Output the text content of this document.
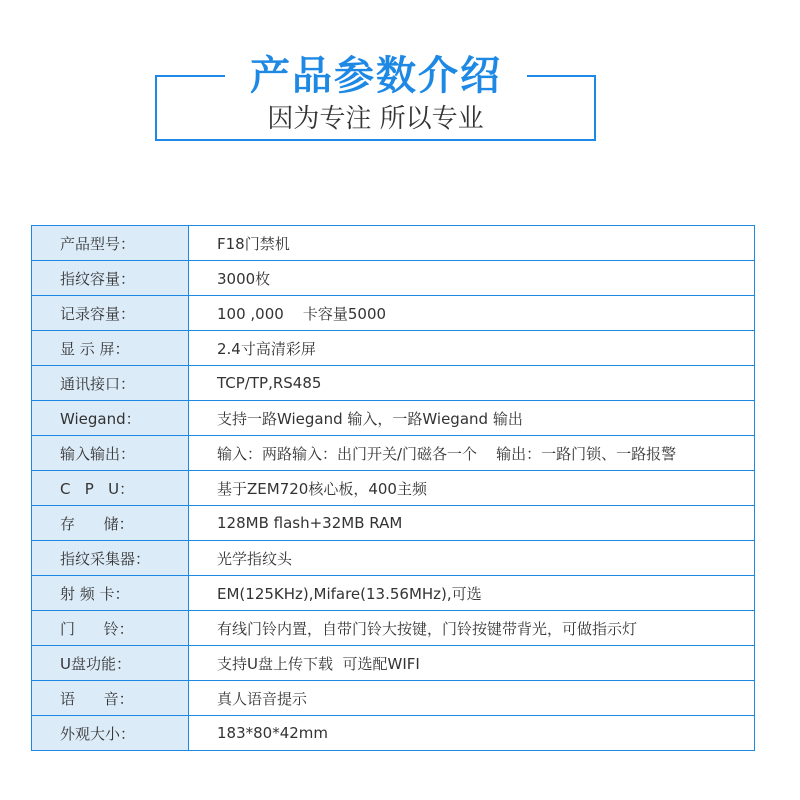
产品参数介绍
因为专注 所以专业
产品型号：	F18门禁机
指纹容量：	3000枚
记录容量：	100 ,000    卡容量5000
显 示 屏：	2.4寸高清彩屏
通讯接口：	TCP/TP,RS485
Wiegand：	支持一路Wiegand 输入，一路Wiegand 输出
输入输出：	输入：两路输入：出门开关/门磁各一个    输出：一路门锁、一路报警
C   P   U：	基于ZEM720核心板，400主频
存      储：	128MB flash+32MB RAM
指纹采集器：	光学指纹头
射 频 卡：	EM(125KHz),Mifare(13.56MHz),可选
门      铃：	有线门铃内置，自带门铃大按键，门铃按键带背光，可做指示灯
U盘功能：	支持U盘上传下载  可选配WIFI
语      音：	真人语音提示
外观大小：	183*80*42mm
